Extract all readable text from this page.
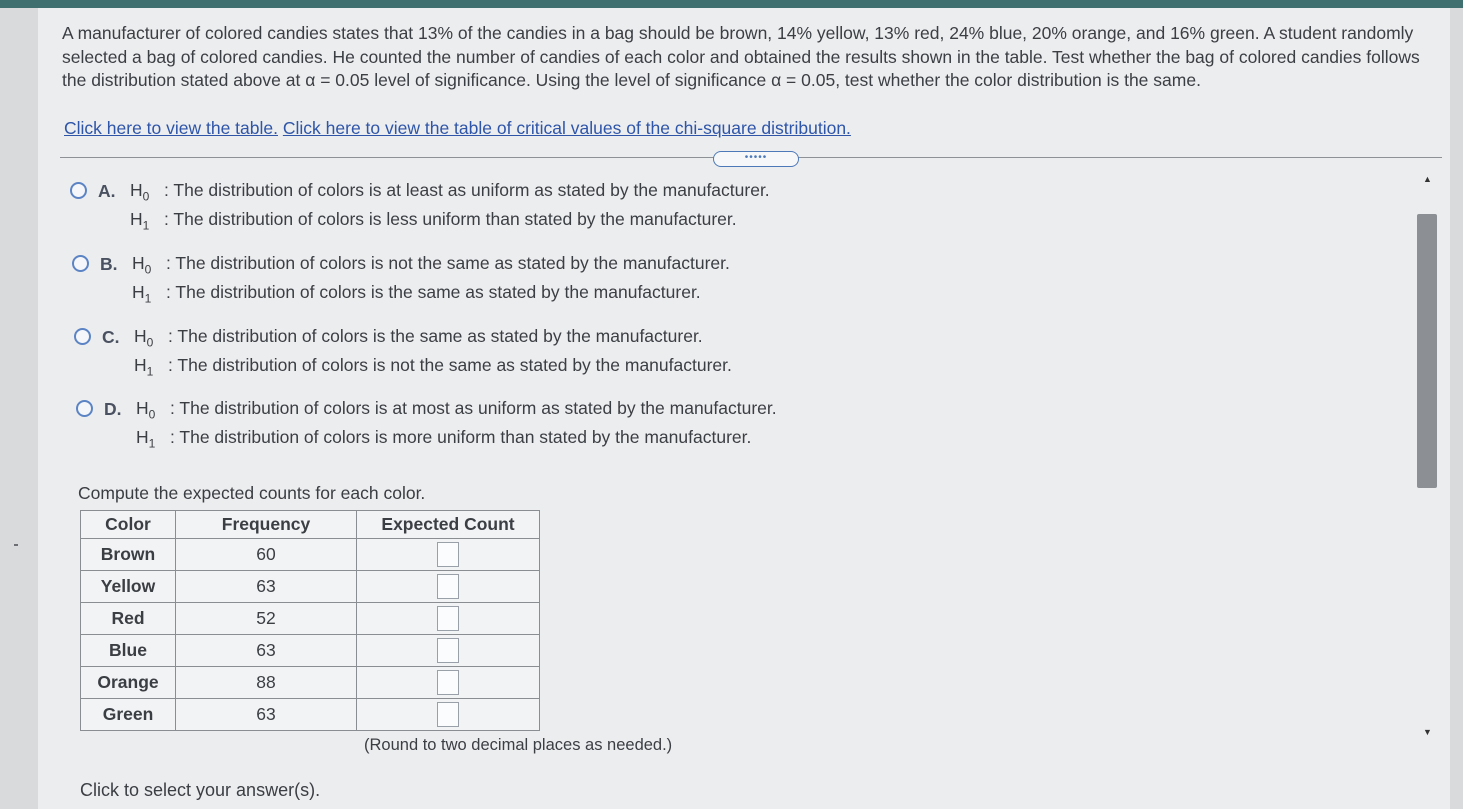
A manufacturer of colored candies states that 13% of the candies in a bag should be brown, 14% yellow, 13% red, 24% blue, 20% orange, and 16% green. A student randomly selected a bag of colored candies. He counted the number of candies of each color and obtained the results shown in the table. Test whether the bag of colored candies follows the distribution stated above at α = 0.05 level of significance. Using the level of significance α = 0.05, test whether the color distribution is the same.
Click here to view the table. Click here to view the table of critical values of the chi-square distribution.
•••••
A. $H_0$ : The distribution of colors is at least as uniform as stated by the manufacturer.
$H_1$ : The distribution of colors is less uniform than stated by the manufacturer.
B. $H_0$ : The distribution of colors is not the same as stated by the manufacturer.
$H_1$ : The distribution of colors is the same as stated by the manufacturer.
C. $H_0$ : The distribution of colors is the same as stated by the manufacturer.
$H_1$ : The distribution of colors is not the same as stated by the manufacturer.
D. $H_0$ : The distribution of colors is at most as uniform as stated by the manufacturer.
$H_1$ : The distribution of colors is more uniform than stated by the manufacturer.
Compute the expected counts for each color.
Color	Frequency	Expected Count
Brown	60	
Yellow	63	
Red	52	
Blue	63	
Orange	88	
Green	63	
(Round to two decimal places as needed.)
Click to select your answer(s).
▲
▼
